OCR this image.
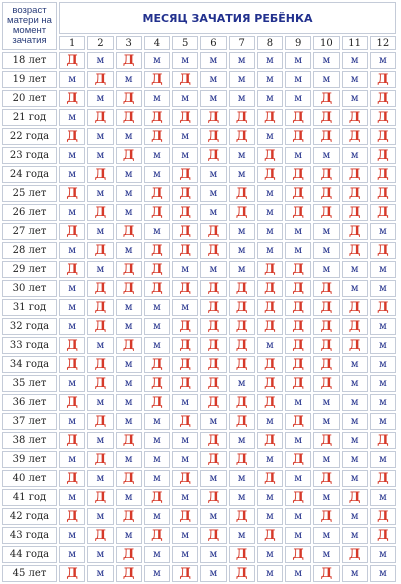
возраст матери на момент зачатия	МЕСЯЦ ЗАЧАТИЯ РЕБЁНКА											
	1	2	3	4	5	6	7	8	9	10	11	12
18 лет	Д	м	Д	м	м	м	м	м	м	м	м	м
19 лет	м	Д	м	Д	Д	м	м	м	м	м	м	Д
20 лет	Д	м	Д	м	м	м	м	м	м	Д	м	Д
21 год	м	Д	Д	Д	Д	Д	Д	Д	Д	Д	Д	Д
22 года	Д	м	м	Д	м	Д	Д	м	Д	Д	Д	Д
23 года	м	м	Д	м	м	Д	м	Д	м	м	м	Д
24 года	м	Д	м	м	Д	м	м	Д	Д	Д	Д	Д
25 лет	Д	м	м	Д	Д	м	Д	м	Д	Д	Д	Д
26 лет	м	Д	м	Д	Д	м	Д	м	Д	Д	Д	Д
27 лет	Д	м	Д	м	Д	Д	м	м	м	м	Д	м
28 лет	м	Д	м	Д	Д	Д	м	м	м	м	Д	Д
29 лет	Д	м	Д	Д	м	м	м	Д	Д	м	м	м
30 лет	м	Д	Д	Д	Д	Д	Д	Д	Д	Д	м	м
31 год	м	Д	м	м	м	Д	Д	Д	Д	Д	Д	Д
32 года	м	Д	м	м	Д	Д	Д	Д	Д	Д	Д	м
33 года	Д	м	Д	м	Д	Д	Д	м	Д	Д	Д	м
34 года	Д	Д	м	Д	Д	Д	Д	Д	Д	Д	м	м
35 лет	м	Д	м	Д	Д	Д	м	Д	Д	Д	м	м
36 лет	Д	м	м	Д	м	Д	Д	Д	м	м	м	м
37 лет	м	Д	м	м	Д	м	Д	м	Д	м	м	м
38 лет	Д	м	Д	м	м	Д	м	Д	м	Д	м	Д
39 лет	м	Д	м	м	м	Д	Д	м	Д	м	м	м
40 лет	Д	м	Д	м	Д	м	м	Д	м	Д	м	Д
41 год	м	Д	м	Д	м	Д	м	м	Д	м	Д	м
42 года	Д	м	Д	м	Д	м	Д	м	м	Д	м	Д
43 года	м	Д	м	Д	м	Д	м	Д	м	м	м	Д
44 года	м	м	Д	м	м	м	Д	м	Д	м	Д	м
45 лет	Д	м	Д	м	Д	м	Д	м	м	Д	м	м
